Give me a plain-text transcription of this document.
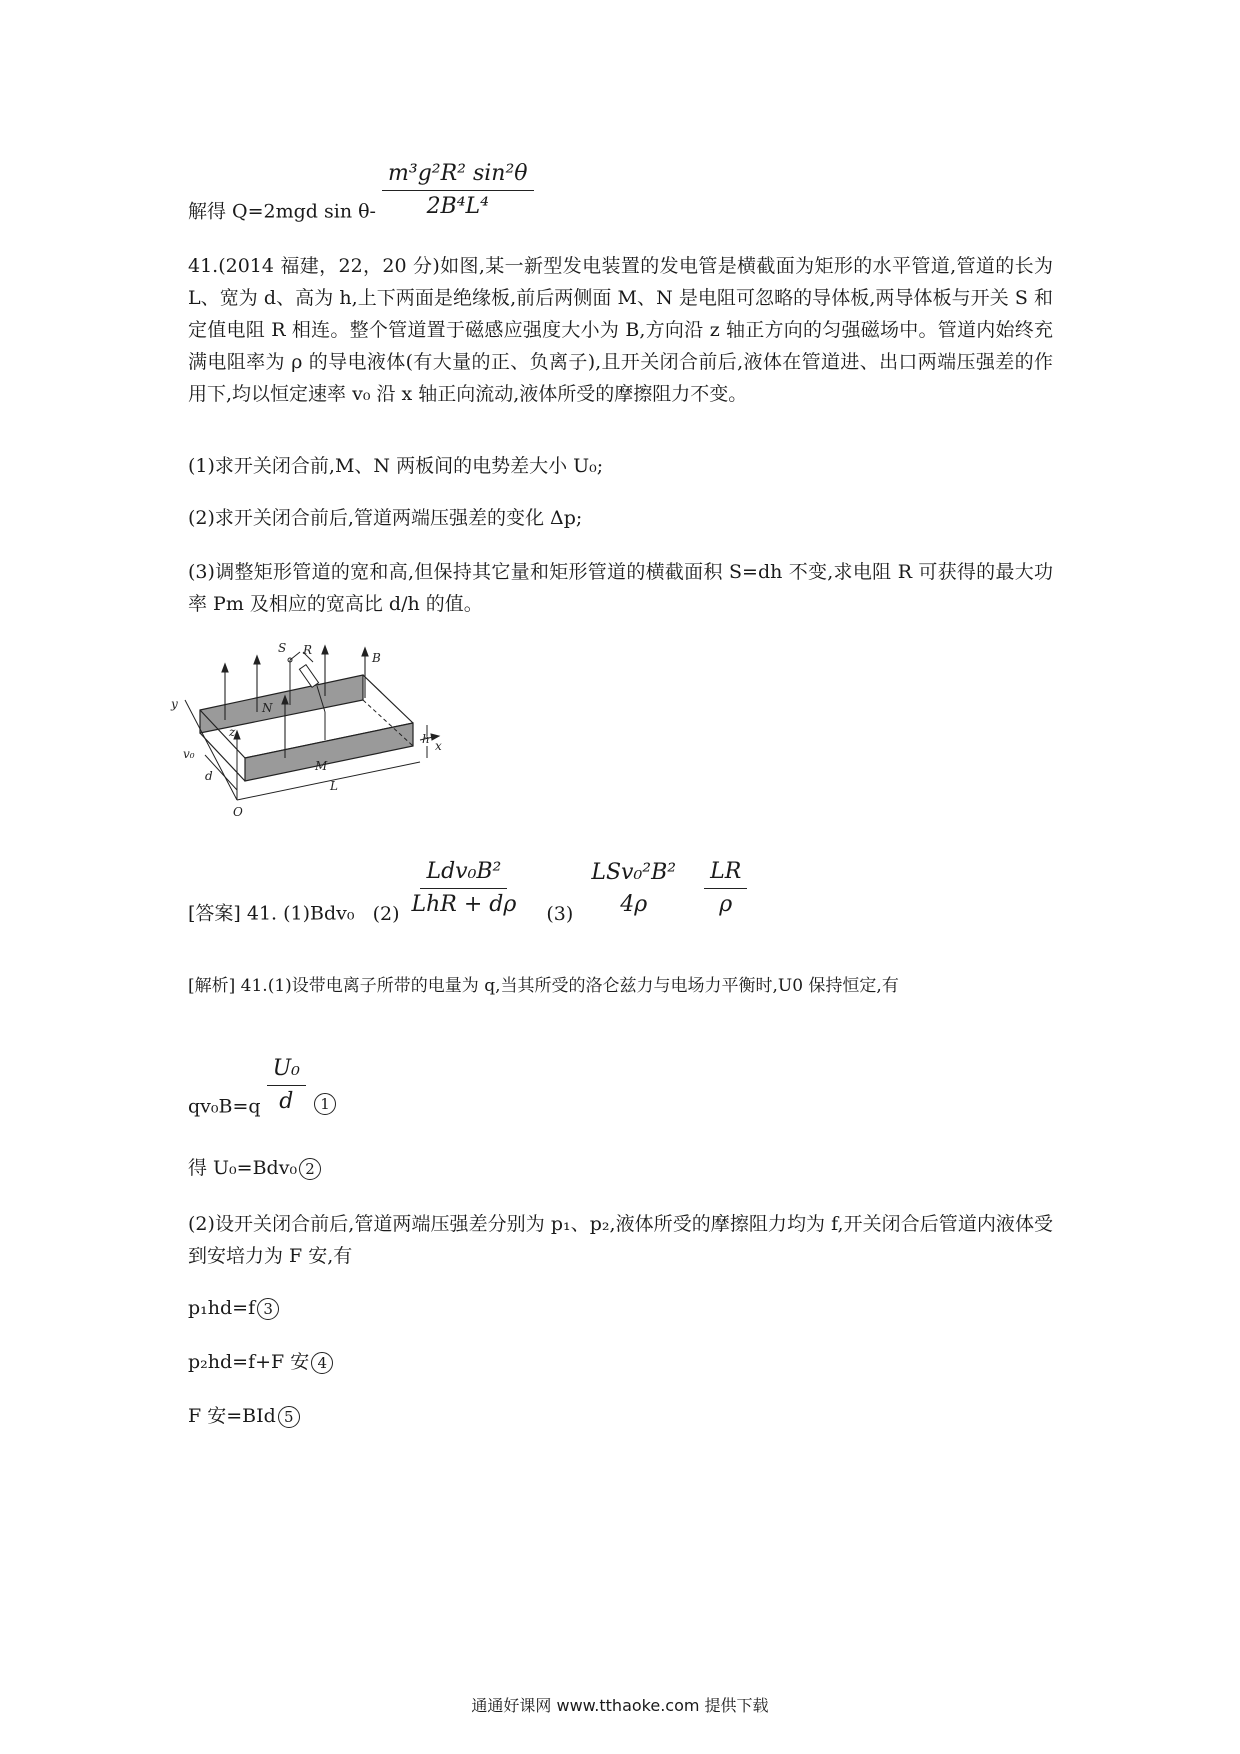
解得 Q=2mgd $\sin \theta- \frac{\text{m³g²R² sin²θ}}{\text{2B⁴L⁴}}$
41.(2014 福建，22，20 分)如图,某一新型发电装置的发电管是横截面为矩形的水平管道,管道的长为 L、宽为 d、高为 h,上下两面是绝缘板,前后两侧面 M、N 是电阻可忽略的导体板,两导体板与开关 S 和定值电阻 R 相连。整个管道置于磁感应强度大小为 B,方向沿 z 轴正方向的匀强磁场中。管道内始终充满电阻率为 ρ 的导电液体(有大量的正、负离子),且开关闭合前后,液体在管道进、出口两端压强差的作用下,均以恒定速率 v₀ 沿 x 轴正向流动,液体所受的摩擦阻力不变。
(1)求开关闭合前,M、N 两板间的电势差大小 U₀;
(2)求开关闭合前后,管道两端压强差的变化 Δp;
(3)调整矩形管道的宽和高,但保持其它量和矩形管道的横截面积 S=dh 不变,求电阻 R 可获得的最大功率 Pm 及相应的宽高比 d/h 的值。
S R
B
y	N
z	h x
v₀
d
M
L
O
[答案] 41. (1)Bdv₀ $(2) \frac{\text{Ldv₀B²}}{\text{LhR + dρ}} (3)$
LSv₀²B²
4ρ
	$\frac{LR}{\rho}$
[解析] 41.(1)设带电离子所带的电量为 q,当其所受的洛仑兹力与电场力平衡时,U0 保持恒定,有
$qv_0B=q \frac{\text{U₀}}{d} 1$
得 U₀=Bdv₀ 2
(2)设开关闭合前后,管道两端压强差分别为 p₁、p₂,液体所受的摩擦阻力均为 f,开关闭合后管道内液体受到安培力为 F 安,有
p₁hd=f 3
p₂hd=f+F 安 4
F 安=BId 5
通通好课网 www.tthaoke.com 提供下载
